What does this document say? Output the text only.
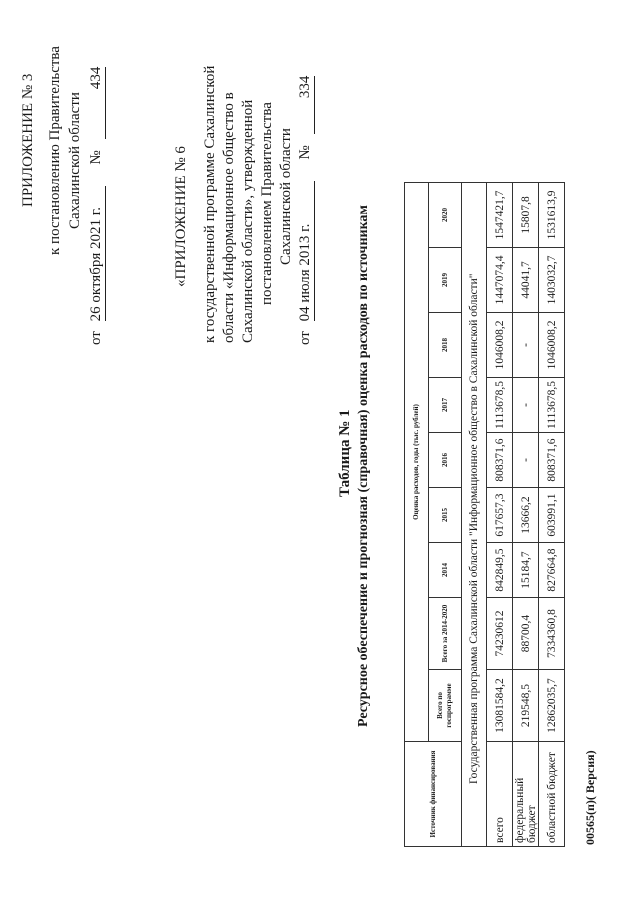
ПРИЛОЖЕНИЕ № 3 к постановлению Правительства Сахалинской области
от 26 октября 2021 г. № 434
«ПРИЛОЖЕНИЕ № 6 к государственной программе Сахалинской области «Информационное общество в Сахалинской области», утвержденной постановлением Правительства Сахалинской области
от 04 июля 2013 г. № 334
Таблица № 1 Ресурсное обеспечение и прогнозная (справочная) оценка расходов по источникам
Источник финансирования	Оценка расходов, годы (тыс. рублей)								
	Всего по госпрограмме	Всего за 2014-2020	2014	2015	2016	2017	2018	2019	2020
Государственная программа Сахалинской области "Информационное общество в Сахалинской области"									
всего	13081584,2	74230612	842849,5	617657,3	808371,6	1113678,5	1046008,2	1447074,4	1547421,7
федеральный бюджет	219548,5	88700,4	15184,7	13666,2	-	-	-	44041,7	15807,8
областной бюджет	12862035,7	7334360,8	827664,8	603991,1	808371,6	1113678,5	1046008,2	1403032,7	1531613,9
00565(п)( Версия)
